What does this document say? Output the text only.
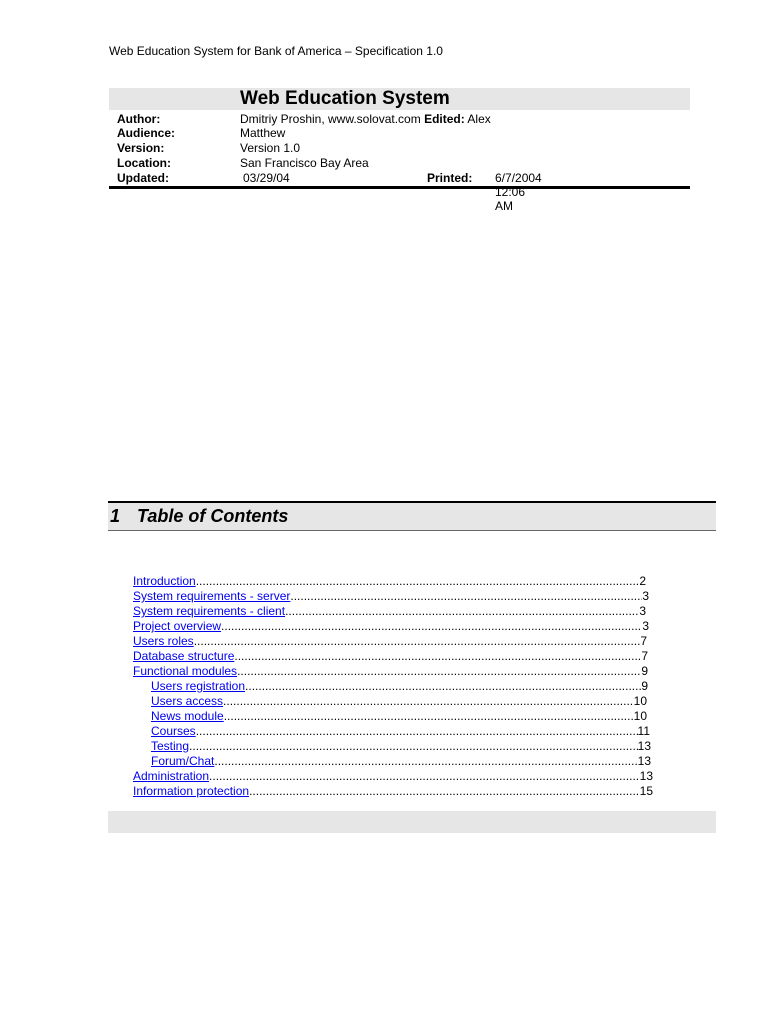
Web Education System for Bank of America – Specification 1.0
Web Education System
Author:	Dmitriy Proshin, www.solovat.com Edited: Alex
Audience:	Matthew
Version:	Version 1.0
Location:	San Francisco Bay Area
Updated:	03/29/04	Printed: 6/7/2004 12:06 AM
1 Table of Contents
Introduction .....	2
System requirements - server .....	3
System requirements - client .....	3
Project overview .....	3
Users roles .....	7
Database structure .....	7
Functional modules .....	9
Users registration .....	9
Users access .....	10
News module .....	10
Courses .....	11
Testing .....	13
Forum/Chat .....	13
Administration .....	13
Information protection .....	15
